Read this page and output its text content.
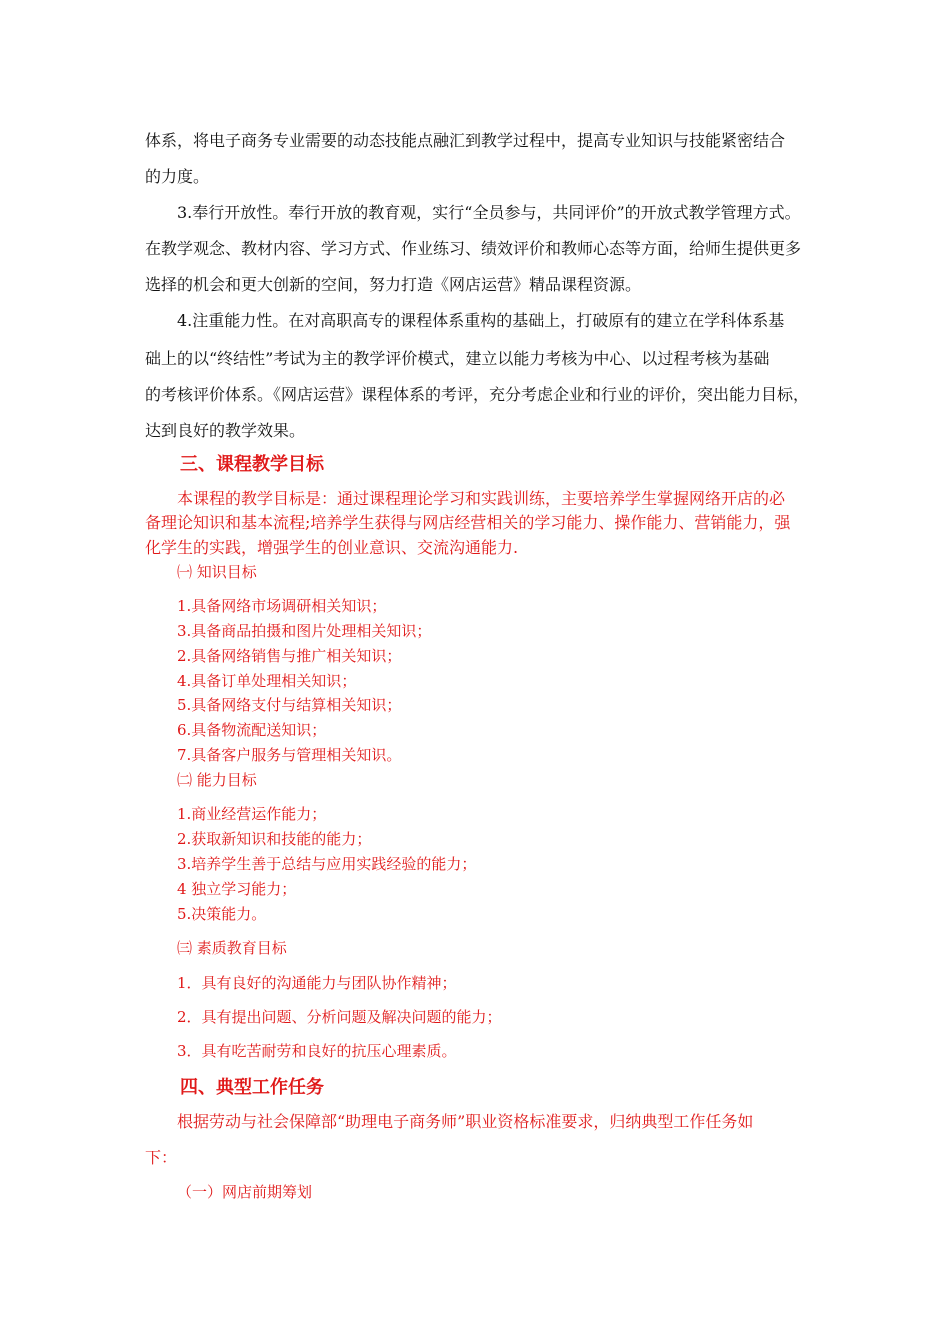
体系，将电子商务专业需要的动态技能点融汇到教学过程中，提高专业知识与技能紧密结合
的力度。
3.奉行开放性。奉行开放的教育观，实行“全员参与，共同评价”的开放式教学管理方式。
在教学观念、教材内容、学习方式、作业练习、绩效评价和教师心态等方面，给师生提供更多
选择的机会和更大创新的空间，努力打造《网店运营》精品课程资源。
4.注重能力性。在对高职高专的课程体系重构的基础上，打破原有的建立在学科体系基
础上的以“终结性”考试为主的教学评价模式，建立以能力考核为中心、以过程考核为基础
的考核评价体系。《网店运营》课程体系的考评，充分考虑企业和行业的评价，突出能力目标，
达到良好的教学效果。
三、课程教学目标
本课程的教学目标是：通过课程理论学习和实践训练，主要培养学生掌握网络开店的必
备理论知识和基本流程;培养学生获得与网店经营相关的学习能力、操作能力、营销能力，强
化学生的实践，增强学生的创业意识、交流沟通能力.
㈠ 知识目标
1.具备网络市场调研相关知识；
3.具备商品拍摄和图片处理相关知识；
2.具备网络销售与推广相关知识；
4.具备订单处理相关知识；
5.具备网络支付与结算相关知识；
6.具备物流配送知识；
7.具备客户服务与管理相关知识。
㈡ 能力目标
1.商业经营运作能力；
2.获取新知识和技能的能力；
3.培养学生善于总结与应用实践经验的能力；
4 独立学习能力；
5.决策能力。
㈢ 素质教育目标
1．具有良好的沟通能力与团队协作精神；
2．具有提出问题、分析问题及解决问题的能力；
3．具有吃苦耐劳和良好的抗压心理素质。
四、典型工作任务
根据劳动与社会保障部“助理电子商务师”职业资格标准要求，归纳典型工作任务如
下：
（一）网店前期筹划
